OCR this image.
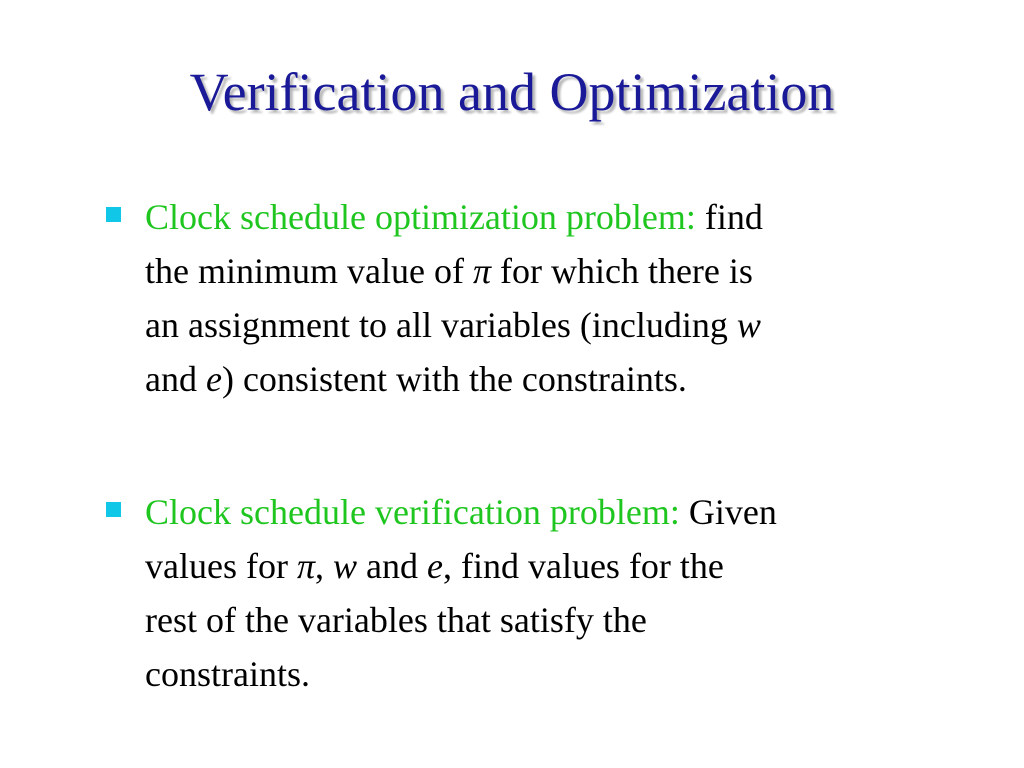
Verification and Optimization
Clock schedule optimization problem: find
the minimum value of π for which there is
an assignment to all variables (including w
and e) consistent with the constraints.
Clock schedule verification problem: Given
values for π, w and e, find values for the
rest of the variables that satisfy the
constraints.
